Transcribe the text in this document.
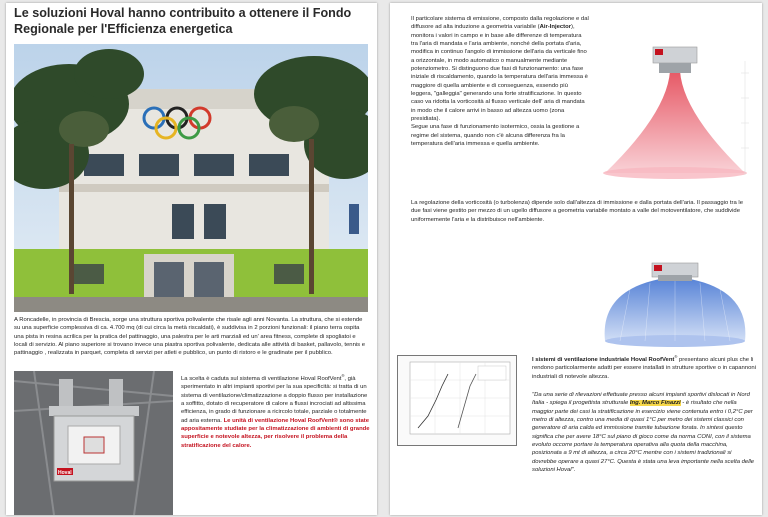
Le soluzioni Hoval hanno contribuito a ottenere il Fondo Regionale per l'Efficienza energetica

A Roncadelle, in provincia di Brescia, sorge una struttura sportiva polivalente che risale agli anni Novanta. La struttura, che si estende su una superficie complessiva di ca. 4.700 mq (di cui circa la metà riscaldati), è suddivisa in 2 porzioni funzionali: il piano terra ospita una pista in resina acrilica per la pratica del pattinaggio, una palestra per le arti marziali ed un' area fitness, complete di spogliatoi e locali di servizio. Al piano superiore si trovano invece una piastra sportiva polivalente, dedicata alle attività di basket, pallavolo, tennis e pattinaggio , realizzata in parquet, completa di servizi per atleti e pubblico, un punto di ristoro e le gradinate per il pubblico.

Hoval

La scelta è caduta sul sistema di ventilazione Hoval RoofVent®, già sperimentato in altri impianti sportivi per la sua specificità: si tratta di un sistema di ventilazione/climatizzazione a doppio flusso per installazione a soffitto, dotato di recuperatore di calore a flussi incrociati ad altissima efficienza, in grado di funzionare a ricircolo totale, parziale o totalmente ad aria esterna. Le unità di ventilazione Hoval RoofVent® sono state appositamente studiate per la climatizzazione di ambienti di grande superficie e notevole altezza, per risolvere il problema della stratificazione del calore.

Il particolare sistema di emissione, composto dalla regolazione e dal diffusore ad alta induzione a geometria variabile (Air-Injector), monitora i valori in campo e in base alle differenze di temperatura tra l'aria di mandata e l'aria ambiente, nonché della portata d'aria, modifica in continuo l'angolo di immissione dell'aria da verticale fino a orizzontale, in modo automatico o manualmente mediante potenziometro. Si distinguono due fasi di funzionamento: una fase iniziale di riscaldamento, quando la temperatura dell'aria immessa è maggiore di quella ambiente e di conseguenza, essendo più leggera, "galleggia" generando una forte stratificazione. In questo caso va ridotta la vorticosità al flusso verticale dell' aria di mandata in modo che il calore arrivi in basso ad altezza uomo (zona presidiata).

Segue una fase di funzionamento isotermico, ossia la gestione a regime del sistema, quando non c'è alcuna differenza fra la temperatura dell'aria immessa e quella ambiente.

La regolazione della vorticosità (o turbolenza) dipende solo dall'altezza di immissione e dalla portata dell'aria. Il passaggio tra le due fasi viene gestito per mezzo di un ugello diffusore a geometria variabile montato a valle del motoventilatore, che suddivide uniformemente l'aria e la distribuisce nell'ambiente.

I sistemi di ventilazione industriale Hoval RoofVent® presentano alcuni plus che li rendono particolarmente adatti per essere installati in strutture sportive o in capannoni industriali di notevole altezza.

"Da una serie di rilevazioni effettuate presso alcuni impianti sportivi dislocati in Nord Italia - spiega il progettista strutturale Ing. Marco Finazzi - è risultato che nella maggior parte dei casi la stratificazione in esercizio viene contenuta entro i 0,2°C per metro di altezza, contro una media di quasi 1°C per metro dei sistemi classici con generatore di aria calda ed immissione tramite tubazione forata. In sintesi questo significa che per avere 18°C sul piano di gioco come da norma CONI, con il sistema evoluto occorre portare la temperatura operativa alla quota della macchina, posizionata a 9 mt di altezza, a circa 20°C mentre con i sistemi tradizionali si dovrebbe operare a quasi 27°C. Questa è stata una leva importante nella scelta delle soluzioni Hoval".
